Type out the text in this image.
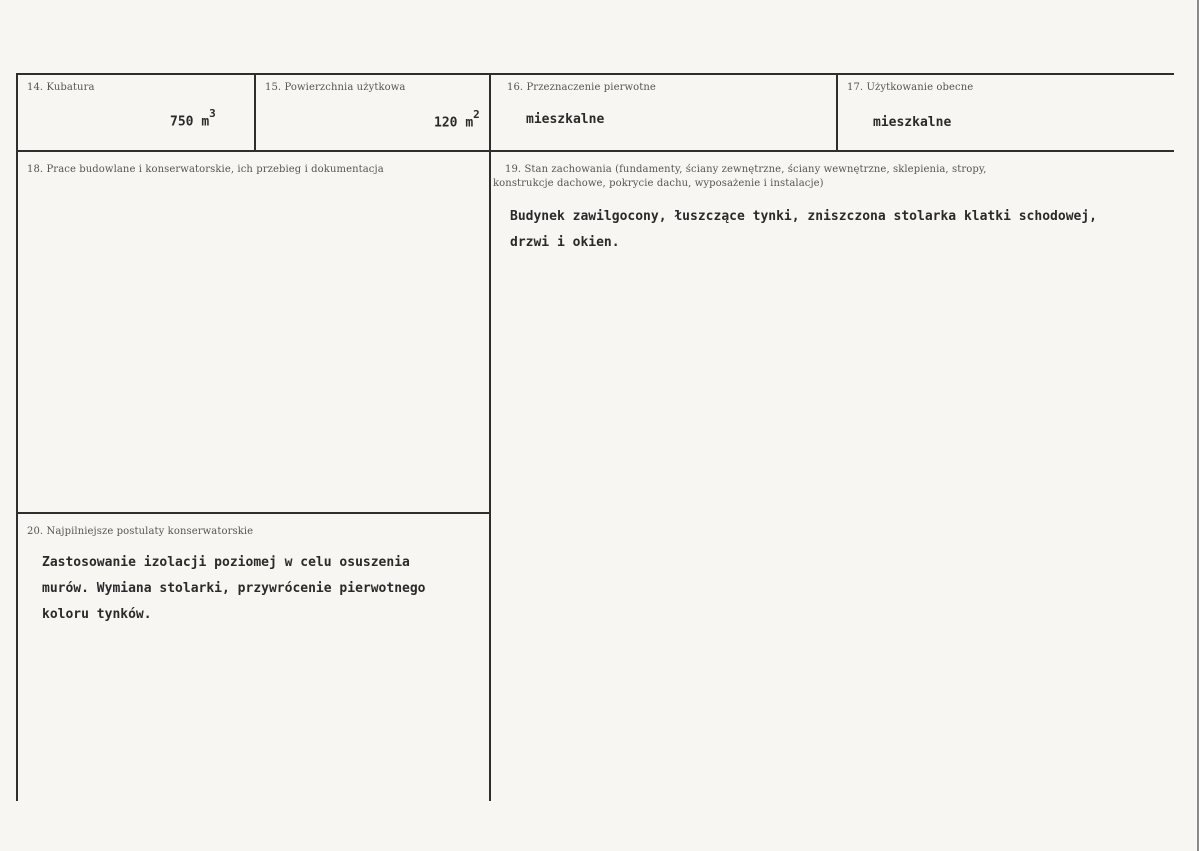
14. Kubatura
750 $m^3$
15. Powierzchnia użytkowa
120 $m^2$
16. Przeznaczenie pierwotne
mieszkalne
17. Użytkowanie obecne
mieszkalne
18. Prace budowlane i konserwatorskie, ich przebieg i dokumentacja	19. Stan zachowania (fundamenty, ściany zewnętrzne, ściany wewnętrzne, sklepienia, stropy,
konstrukcje dachowe, pokrycie dachu, wyposażenie i instalacje)
Budynek zawilgocony, łuszczące tynki, zniszczona stolarka klatki schodowej,
drzwi i okien.
20. Najpilniejsze postulaty konserwatorskie
Zastosowanie izolacji poziomej w celu osuszenia
murów. Wymiana stolarki, przywrócenie pierwotnego
koloru tynków.
